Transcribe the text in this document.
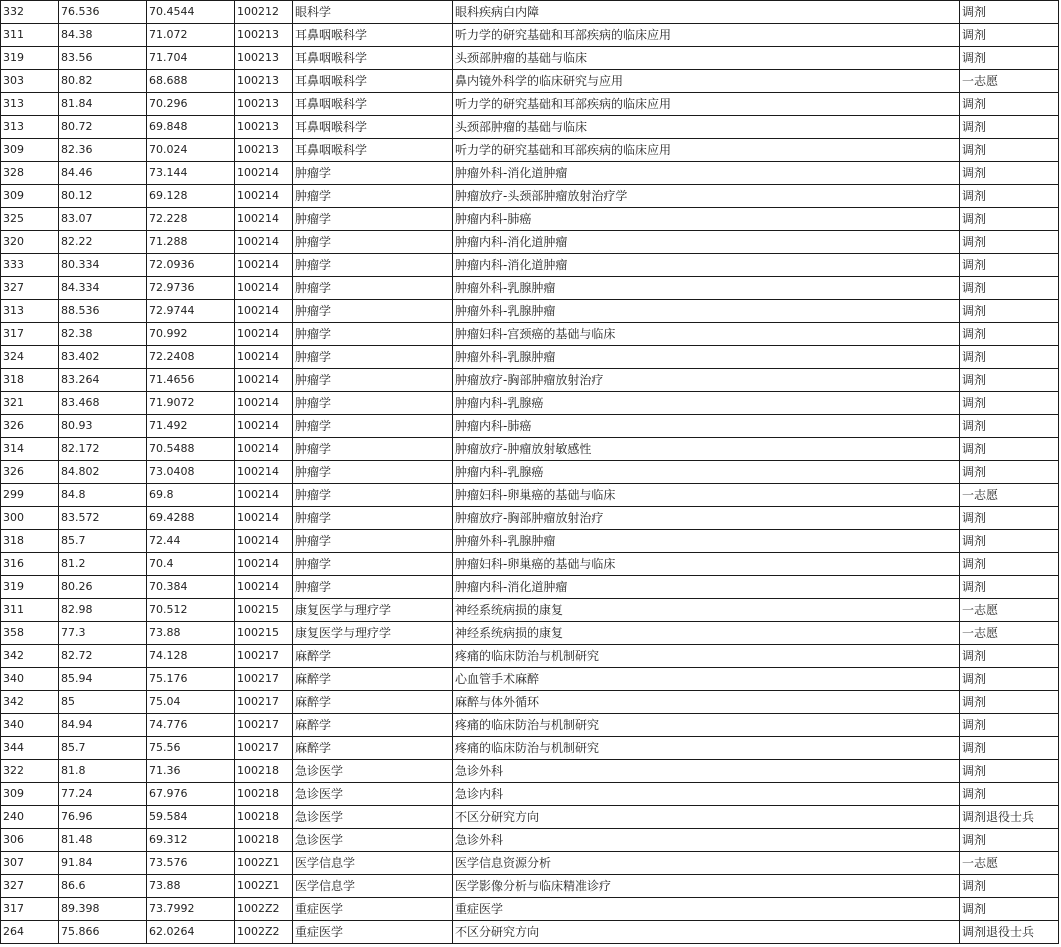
332	76.536	70.4544	100212	眼科学	眼科疾病白内障	调剂
311	84.38	71.072	100213	耳鼻咽喉科学	听力学的研究基础和耳部疾病的临床应用	调剂
319	83.56	71.704	100213	耳鼻咽喉科学	头颈部肿瘤的基础与临床	调剂
303	80.82	68.688	100213	耳鼻咽喉科学	鼻内镜外科学的临床研究与应用	一志愿
313	81.84	70.296	100213	耳鼻咽喉科学	听力学的研究基础和耳部疾病的临床应用	调剂
313	80.72	69.848	100213	耳鼻咽喉科学	头颈部肿瘤的基础与临床	调剂
309	82.36	70.024	100213	耳鼻咽喉科学	听力学的研究基础和耳部疾病的临床应用	调剂
328	84.46	73.144	100214	肿瘤学	肿瘤外科-消化道肿瘤	调剂
309	80.12	69.128	100214	肿瘤学	肿瘤放疗-头颈部肿瘤放射治疗学	调剂
325	83.07	72.228	100214	肿瘤学	肿瘤内科-肺癌	调剂
320	82.22	71.288	100214	肿瘤学	肿瘤内科-消化道肿瘤	调剂
333	80.334	72.0936	100214	肿瘤学	肿瘤内科-消化道肿瘤	调剂
327	84.334	72.9736	100214	肿瘤学	肿瘤外科-乳腺肿瘤	调剂
313	88.536	72.9744	100214	肿瘤学	肿瘤外科-乳腺肿瘤	调剂
317	82.38	70.992	100214	肿瘤学	肿瘤妇科-宫颈癌的基础与临床	调剂
324	83.402	72.2408	100214	肿瘤学	肿瘤外科-乳腺肿瘤	调剂
318	83.264	71.4656	100214	肿瘤学	肿瘤放疗-胸部肿瘤放射治疗	调剂
321	83.468	71.9072	100214	肿瘤学	肿瘤内科-乳腺癌	调剂
326	80.93	71.492	100214	肿瘤学	肿瘤内科-肺癌	调剂
314	82.172	70.5488	100214	肿瘤学	肿瘤放疗-肿瘤放射敏感性	调剂
326	84.802	73.0408	100214	肿瘤学	肿瘤内科-乳腺癌	调剂
299	84.8	69.8	100214	肿瘤学	肿瘤妇科-卵巢癌的基础与临床	一志愿
300	83.572	69.4288	100214	肿瘤学	肿瘤放疗-胸部肿瘤放射治疗	调剂
318	85.7	72.44	100214	肿瘤学	肿瘤外科-乳腺肿瘤	调剂
316	81.2	70.4	100214	肿瘤学	肿瘤妇科-卵巢癌的基础与临床	调剂
319	80.26	70.384	100214	肿瘤学	肿瘤内科-消化道肿瘤	调剂
311	82.98	70.512	100215	康复医学与理疗学	神经系统病损的康复	一志愿
358	77.3	73.88	100215	康复医学与理疗学	神经系统病损的康复	一志愿
342	82.72	74.128	100217	麻醉学	疼痛的临床防治与机制研究	调剂
340	85.94	75.176	100217	麻醉学	心血管手术麻醉	调剂
342	85	75.04	100217	麻醉学	麻醉与体外循环	调剂
340	84.94	74.776	100217	麻醉学	疼痛的临床防治与机制研究	调剂
344	85.7	75.56	100217	麻醉学	疼痛的临床防治与机制研究	调剂
322	81.8	71.36	100218	急诊医学	急诊外科	调剂
309	77.24	67.976	100218	急诊医学	急诊内科	调剂
240	76.96	59.584	100218	急诊医学	不区分研究方向	调剂退役士兵
306	81.48	69.312	100218	急诊医学	急诊外科	调剂
307	91.84	73.576	1002Z1	医学信息学	医学信息资源分析	一志愿
327	86.6	73.88	1002Z1	医学信息学	医学影像分析与临床精准诊疗	调剂
317	89.398	73.7992	1002Z2	重症医学	重症医学	调剂
264	75.866	62.0264	1002Z2	重症医学	不区分研究方向	调剂退役士兵
